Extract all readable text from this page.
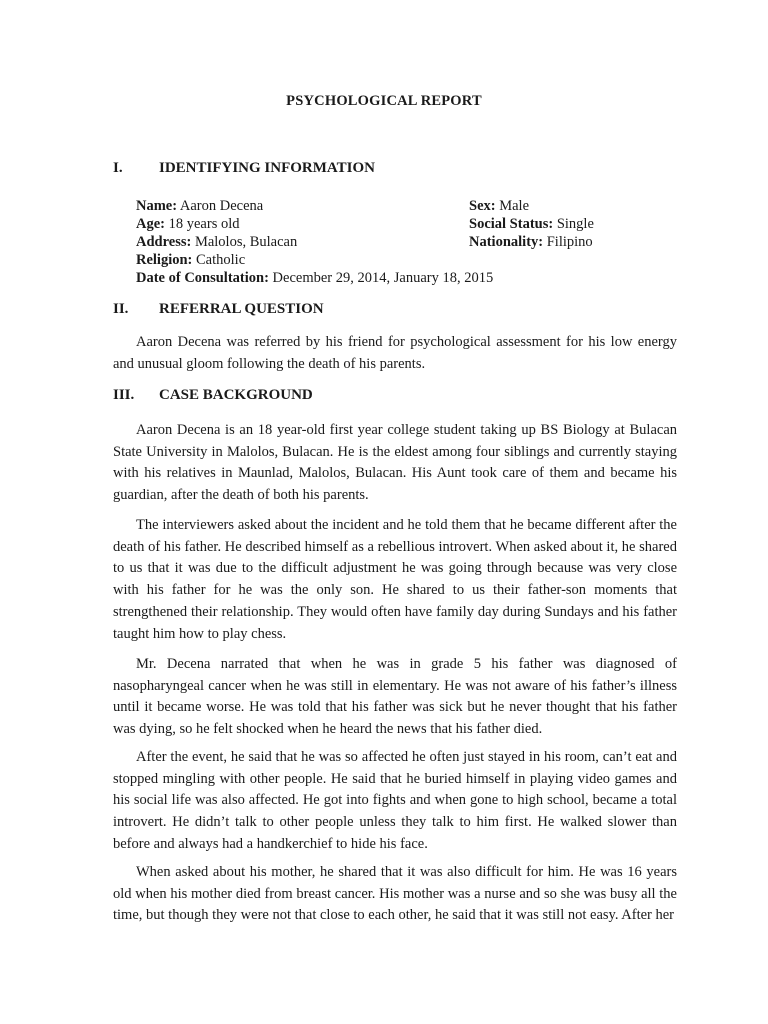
PSYCHOLOGICAL REPORT
I. IDENTIFYING INFORMATION
Name: Aaron Decena	Sex: Male
Age: 18 years old	Social Status: Single
Address: Malolos, Bulacan	Nationality: Filipino
Religion: Catholic
Date of Consultation: December 29, 2014, January 18, 2015
II. REFERRAL QUESTION

Aaron Decena was referred by his friend for psychological assessment for his low energy and unusual gloom following the death of his parents.

III. CASE BACKGROUND

Aaron Decena is an 18 year-old first year college student taking up BS Biology at Bulacan State University in Malolos, Bulacan. He is the eldest among four siblings and currently staying with his relatives in Maunlad, Malolos, Bulacan. His Aunt took care of them and became his guardian, after the death of both his parents.

The interviewers asked about the incident and he told them that he became different after the death of his father. He described himself as a rebellious introvert. When asked about it, he shared to us that it was due to the difficult adjustment he was going through because was very close with his father for he was the only son. He shared to us their father-son moments that strengthened their relationship. They would often have family day during Sundays and his father taught him how to play chess.

Mr. Decena narrated that when he was in grade 5 his father was diagnosed of nasopharyngeal cancer when he was still in elementary. He was not aware of his father’s illness until it became worse. He was told that his father was sick but he never thought that his father was dying, so he felt shocked when he heard the news that his father died.

After the event, he said that he was so affected he often just stayed in his room, can’t eat and stopped mingling with other people. He said that he buried himself in playing video games and his social life was also affected. He got into fights and when gone to high school, became a total introvert. He didn’t talk to other people unless they talk to him first. He walked slower than before and always had a handkerchief to hide his face.

When asked about his mother, he shared that it was also difficult for him. He was 16 years old when his mother died from breast cancer. His mother was a nurse and so she was busy all the time, but though they were not that close to each other, he said that it was still not easy. After her
